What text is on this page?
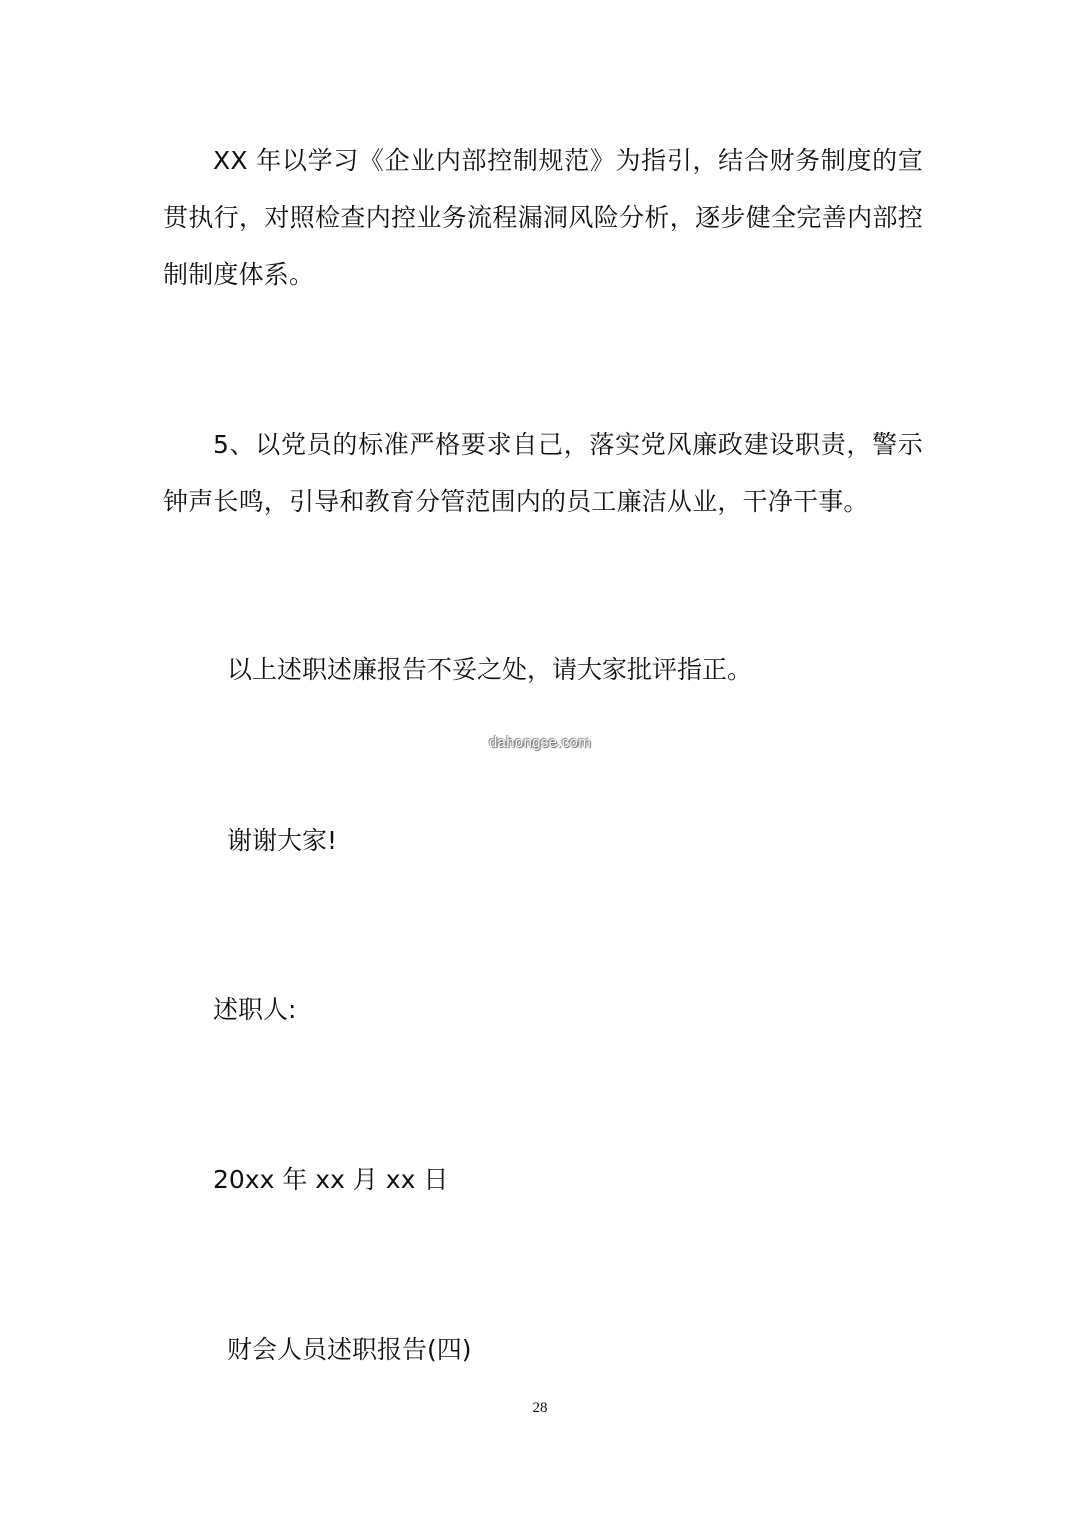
XX 年以学习《企业内部控制规范》为指引，结合财务制度的宣贯执行，对照检查内控业务流程漏洞风险分析，逐步健全完善内部控制制度体系。

5、以党员的标准严格要求自己，落实党风廉政建设职责，警示钟声长鸣，引导和教育分管范围内的员工廉洁从业，干净干事。

以上述职述廉报告不妥之处，请大家批评指正。

dahongse.com

谢谢大家!

述职人:

20xx 年 xx 月 xx 日

财会人员述职报告(四)

28
